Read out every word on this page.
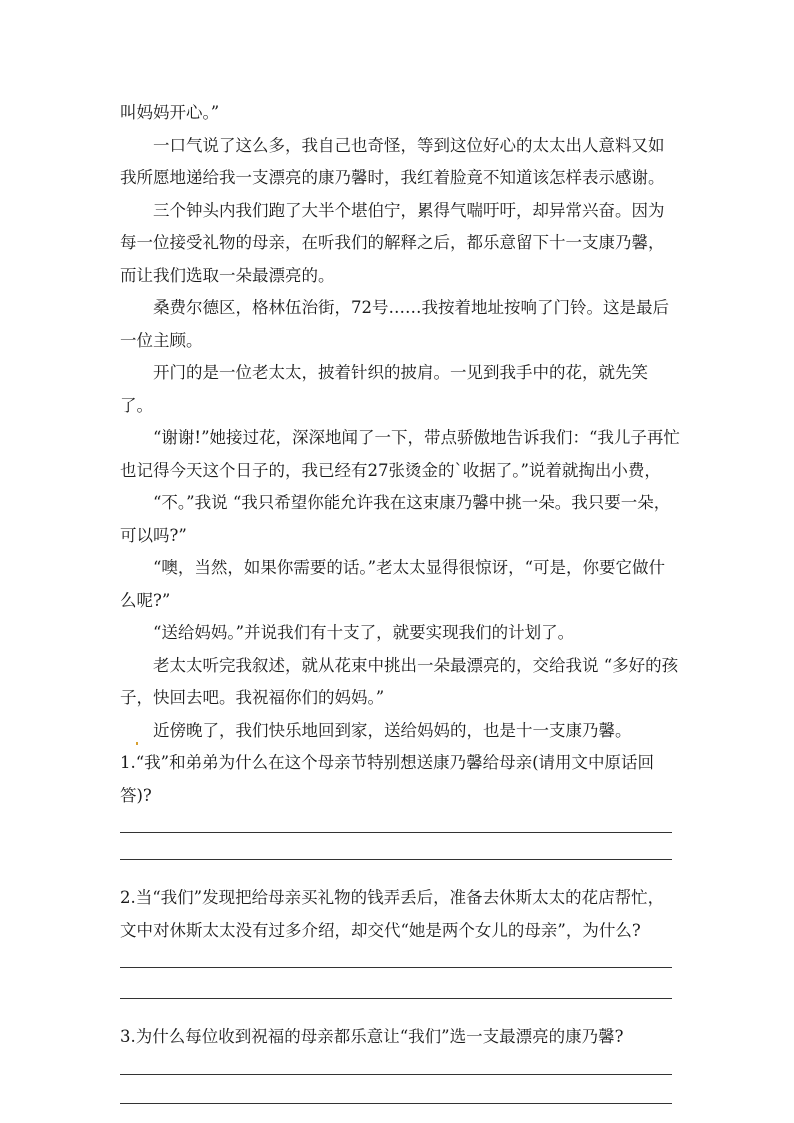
叫妈妈开心。”

一口气说了这么多，我自己也奇怪，等到这位好心的太太出人意料又如我所愿地递给我一支漂亮的康乃馨时，我红着脸竟不知道该怎样表示感谢。

三个钟头内我们跑了大半个堪伯宁，累得气喘吁吁，却异常兴奋。因为每一位接受礼物的母亲，在听我们的解释之后，都乐意留下十一支康乃馨，而让我们选取一朵最漂亮的。

桑费尔德区，格林伍治街，72号……我按着地址按响了门铃。这是最后一位主顾。

开门的是一位老太太，披着针织的披肩。一见到我手中的花，就先笑了。

“谢谢!”她接过花，深深地闻了一下，带点骄傲地告诉我们：“我儿子再忙也记得今天这个日子的，我已经有27张烫金的`收据了。”说着就掏出小费，

“不。”我说 “我只希望你能允许我在这束康乃馨中挑一朵。我只要一朵，可以吗?”

“噢，当然，如果你需要的话。”老太太显得很惊讶，“可是，你要它做什么呢?”

“送给妈妈。”并说我们有十支了，就要实现我们的计划了。

老太太听完我叙述，就从花束中挑出一朵最漂亮的，交给我说 “多好的孩子，快回去吧。我祝福你们的妈妈。”

近傍晚了，我们快乐地回到家，送给妈妈的，也是十一支康乃馨。

1.“我”和弟弟为什么在这个母亲节特别想送康乃馨给母亲(请用文中原话回答)?

2.当“我们”发现把给母亲买礼物的钱弄丢后，准备去休斯太太的花店帮忙，文中对休斯太太没有过多介绍，却交代“她是两个女儿的母亲”，为什么?

3.为什么每位收到祝福的母亲都乐意让“我们”选一支最漂亮的康乃馨?
